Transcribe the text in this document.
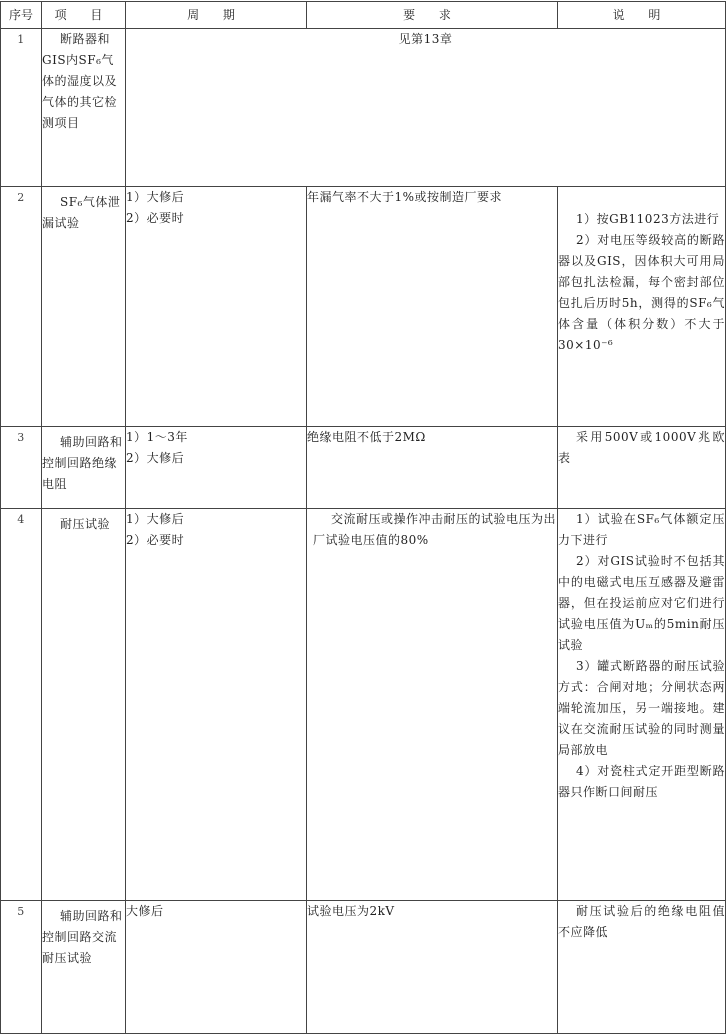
序号	项 目	周 期	要 求	说 明
1	断路器和GIS内SF₆气体的湿度以及气体的其它检测项目	见第13章		
2	SF₆气体泄漏试验	1）大修后
2）必要时	年漏气率不大于1%或按制造厂要求	1）按GB11023方法进行
2）对电压等级较高的断路器以及GIS，因体积大可用局部包扎法检漏，每个密封部位包扎后历时5h，测得的SF₆气体含量（体积分数）不大于30×10⁻⁶

3	辅助回路和控制回路绝缘电阻	1）1～3年
2）大修后	绝缘电阻不低于2MΩ	采用500V或1000V兆欧表

4	耐压试验	1）大修后
2）必要时	交流耐压或操作冲击耐压的试验电压为出厂试验电压值的80%	1）试验在SF₆气体额定压力下进行
2）对GIS试验时不包括其中的电磁式电压互感器及避雷器，但在投运前应对它们进行试验电压值为Uₘ的5min耐压试验
3）罐式断路器的耐压试验方式：合闸对地；分闸状态两端轮流加压，另一端接地。建议在交流耐压试验的同时测量局部放电
4）对瓷柱式定开距型断路器只作断口间耐压

5	辅助回路和控制回路交流耐压试验	大修后	试验电压为2kV	耐压试验后的绝缘电阻值不应降低
